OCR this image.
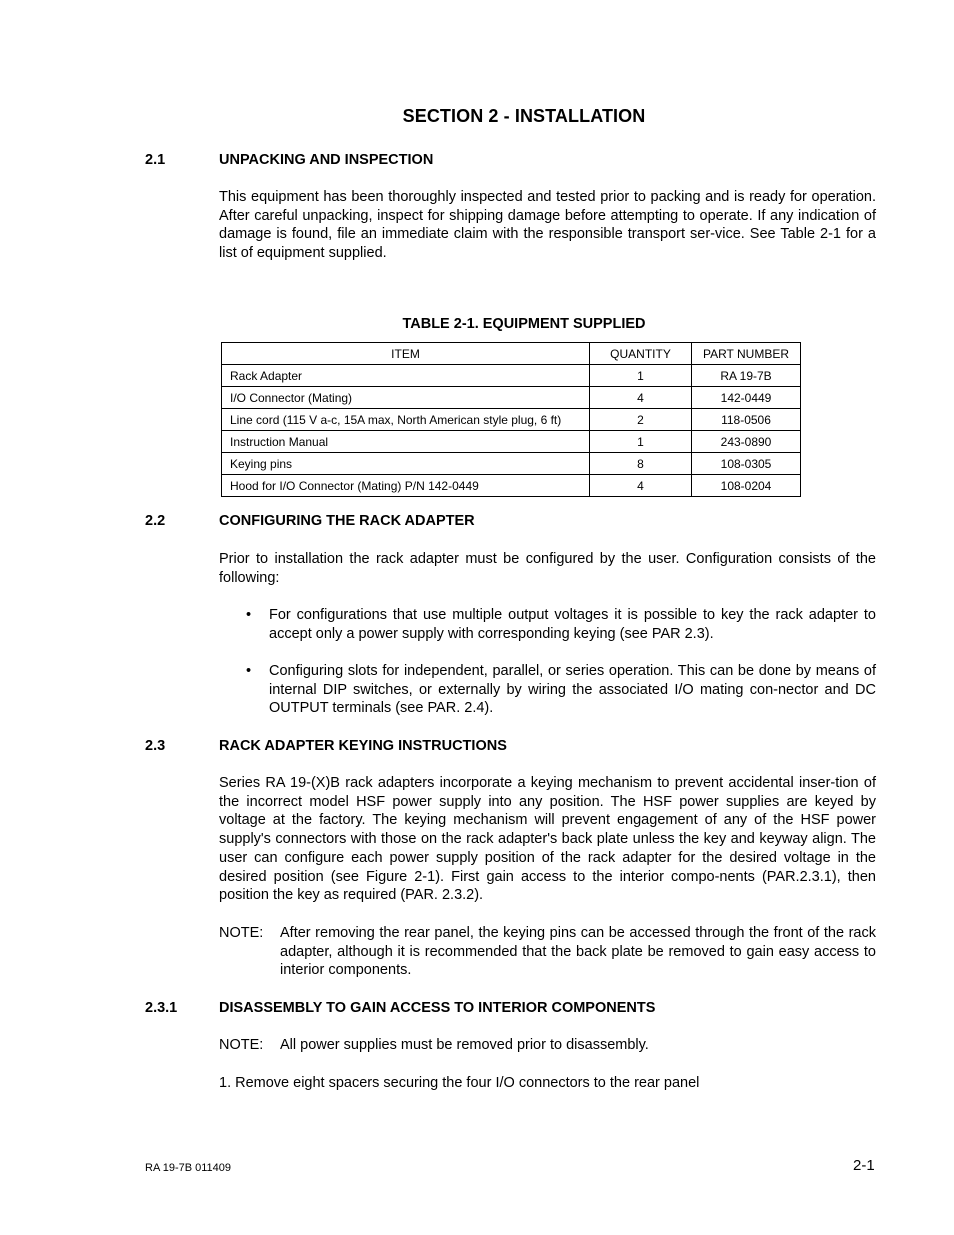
SECTION 2 - INSTALLATION
2.1	UNPACKING AND INSPECTION

This equipment has been thoroughly inspected and tested prior to packing and is ready for operation. After careful unpacking, inspect for shipping damage before attempting to operate. If any indication of damage is found, file an immediate claim with the responsible transport ser-vice. See Table 2-1 for a list of equipment supplied.

TABLE 2-1. EQUIPMENT SUPPLIED
ITEM	QUANTITY	PART NUMBER
Rack Adapter	1	RA 19-7B
I/O Connector (Mating)	4	142-0449
Line cord (115 V a-c, 15A max, North American style plug, 6 ft)	2	118-0506
Instruction Manual	1	243-0890
Keying pins	8	108-0305
Hood for I/O Connector (Mating) P/N 142-0449	4	108-0204
2.2	CONFIGURING THE RACK ADAPTER

Prior to installation the rack adapter must be configured by the user. Configuration consists of the following:

• For configurations that use multiple output voltages it is possible to key the rack adapter to accept only a power supply with corresponding keying (see PAR 2.3).
• Configuring slots for independent, parallel, or series operation. This can be done by means of internal DIP switches, or externally by wiring the associated I/O mating con-nector and DC OUTPUT terminals (see PAR. 2.4).
2.3	RACK ADAPTER KEYING INSTRUCTIONS

Series RA 19-(X)B rack adapters incorporate a keying mechanism to prevent accidental inser-tion of the incorrect model HSF power supply into any position. The HSF power supplies are keyed by voltage at the factory. The keying mechanism will prevent engagement of any of the HSF power supply's connectors with those on the rack adapter's back plate unless the key and keyway align. The user can configure each power supply position of the rack adapter for the desired voltage in the desired position (see Figure 2-1). First gain access to the interior compo-nents (PAR.2.3.1), then position the key as required (PAR. 2.3.2).

NOTE: After removing the rear panel, the keying pins can be accessed through the front of the rack adapter, although it is recommended that the back plate be removed to gain easy access to interior components.
2.3.1	DISASSEMBLY TO GAIN ACCESS TO INTERIOR COMPONENTS
NOTE: All power supplies must be removed prior to disassembly.
1. Remove eight spacers securing the four I/O connectors to the rear panel
RA 19-7B 011409	2-1
